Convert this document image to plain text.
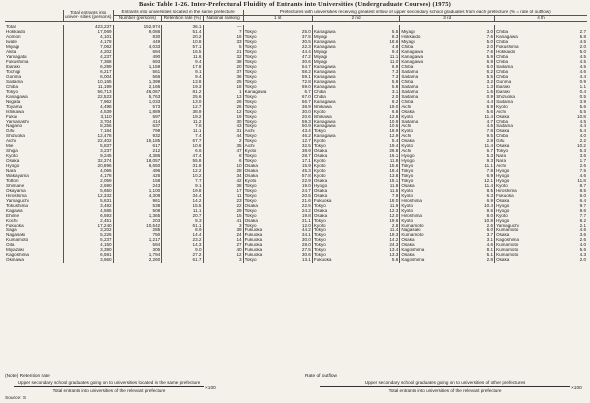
Basic Table 1-26. Inter-Prefectural Fluidity of Entrants into Universities (Undergraduate Courses) (1975)
	Total entrants into univer- sities (persons)	Entrants into universities located in the same prefecture			Prefectures with universities receiving greatest inflow of upper secondary school graduates from each prefecture (% = rate of outflow)							
		Number (persons)	Retention rate (%)	National ranking	1 st		2 nd		3 rd		4 th	

Total	423,237	152,974	36.1	—								
Hokkaido	17,069	9,086	51.4	7	Tokyo	25.0	Kanagawa	5.5	Miyagi	3.0	Chiba	2.7
Aomori	4,101	830	20.2	16	Tokyo	37.5	Miyagi	8.3	Hokkaido	7.6	Kanagawa	5.8
Iwate	4,178	449	10.8	33	Tokyo	30.5	Kanagawa	18.6	Miyagi	5.0	Chiba	4.5
Miyagi	7,062	4,033	57.1	5	Tokyo	22.3	Kanagawa	4.8	Chiba	2.0	Fukushima	2.0
Akita	4,202	694	16.5	21	Tokyo	44.4	Miyagi	9.4	Kanagawa	7.6	Hokkaido	5.0
Yamagata	4,237	490	11.6	32	Tokyo	47.2	Miyagi	11.1	Kanagawa	5.9	Chiba	4.5
Fukushima	7,368	693	9.4	38	Tokyo	30.6	Miyagi	11.0	Kanagawa	6.9	Chiba	4.5
Ibaraki	6,299	1,159	17.8	20	Tokyo	54.7	Kanagawa	6.9	Chiba	6.0	Saitama	4.5
Tochigi	6,217	561	9.1	37	Tokyo	58.2	Kanagawa	7.3	Saitama	6.2	Chiba	4.6
Gunma	6,004	566	9.4	36	Tokyo	59.1	Kanagawa	7.3	Saitama	5.5	Chiba	4.4
Saitama	10,165	1,399	13.8	25	Tokyo	72.8	Kanagawa	5.8	Chiba	3.2	Gunma	0.9
Chiba	11,199	2,166	19.3	18	Tokyo	69.0	Kanagawa	5.8	Saitama	1.3	Ibaraki	1.1
Tokyo	56,713	46,067	81.2	1	Kanagawa	6.7	Chiba	3.1	Saitama	1.6	Ibaraki	0.4
Kanagawa	22,523	5,763	25.6	13	Tokyo	67.0	Chiba	2.0	Saitama	0.9	Shizuoka	0.5
Niigata	7,962	1,033	13.0	26	Tokyo	56.7	Kanagawa	8.2	Chiba	4.4	Saitama	3.9
Toyama	4,498	573	12.7	26	Tokyo	38.9	Ishikawa	19.0	Aichi	6.9	Kyoto	5.6
Ishikawa	4,539	1,889	38.9	12	Tokyo	30.0	Kyoto	6.8	Osaka	5.6	Aichi	5.5
Fukui	3,110	597	19.2	19	Tokyo	20.6	Ishikawa	12.8	Kyoto	11.4	Osaka	10.8
Yamanashi	3,704	414	11.2	30	Tokyo	59.3	Kanagawa	10.9	Saitama	4.7	Chiba	4.5
Nagano	8,256	637	7.8	43	Tokyo	50.9	Kanagawa	10.5	Aichi	4.6	Saitama	4.4
Gifu	7,184	799	11.1	31	Aichi	43.4	Tokyo	18.9	Kyoto	7.8	Osaka	5.4
Shizuoka	12,478	932	7.4	44	Tokyo	46.2	Kanagawa	12.9	Aichi	9.5	Chiba	4.0
Aichi	22,402	15,185	67.7	2	Tokyo	12.7	Kyoto	5.4	Osaka	2.8	Gifu	2.2
Mie	5,837	617	10.6	35	Aichi	32.5	Tokyo	19.4	Kyoto	11.4	Osaka	10.2
Shiga	3,237	212	6.6	47	Kyoto	38.9	Osaka	26.8	Aichi	6.7	Tokyo	5.3
Kyoto	9,245	4,386	47.4	8	Tokyo	28.7	Osaka	16.1	Hyogo	5.3	Nara	3.6
Osaka	32,374	18,057	55.8	6	Tokyo	17.1	Kyoto	11.8	Hyogo	9.3	Nara	1.7
Hyogo	20,896	6,650	31.8	10	Osaka	15.9	Kyoto	15.6	Tokyo	11.1	Aichi	2.6
Nara	4,066	496	12.2	28	Osaka	45.3	Kyoto	18.4	Tokyo	7.8	Hyogo	7.5
Wakayama	4,178	426	10.2	34	Osaka	57.8	Kyoto	13.8	Tokyo	6.9	Hyogo	4.6
Tottori	2,059	158	7.7	42	Kyoto	22.9	Osaka	15.1	Tokyo	12.1	Hyogo	11.8
Shimane	2,690	243	9.1	38	Tokyo	19.0	Hyogo	11.8	Osaka	11.4	Kyoto	8.7
Okayama	5,650	1,100	19.8	17	Tokyo	24.7	Osaka	11.5	Kyoto	8.5	Hiroshima	8.5
Hiroshima	12,332	4,308	34.4	11	Tokyo	20.5	Osaka	7.9	Kyoto	6.3	Fukuoka	6.0
Yamaguchi	5,631	961	14.2	23	Tokyo	21.6	Fukuoka	18.0	Hiroshima	6.9	Osaka	6.4
Tokushima	3,482	538	15.5	22	Osaka	22.5	Tokyo	11.9	Kyoto	10.4	Hyogo	9.7
Kagawa	4,585	508	11.1	29	Tokyo	24.2	Osaka	12.3	Kyoto	8.6	Hyogo	8.6
Ehime	6,593	1,365	20.7	15	Tokyo	19.8	Osaka	12.0	Hiroshima	8.0	Kyoto	7.7
Kochi	2,451	203	8.3	41	Osaka	21.1	Tokyo	19.6	Kyoto	10.8	Hyogo	8.2
Fukuoka	17,240	10,542	61.1	3	Tokyo	12.0	Kyoto	2.8	Kumamoto	2.6	Yamaguchi	2.1
Saga	3,202	285	8.9	39	Fukuoka	44.2	Tokyo	11.4	Nagasaki	6.0	Kumamoto	4.6
Nagasaki	5,226	750	14.4	24	Fukuoka	34.1	Tokyo	19.3	Kumamoto	3.7	Osaka	3.6
Kumamoto	5,237	1,217	23.2	14	Fukuoka	30.0	Tokyo	14.2	Osaka	3.1	Kagoshima	2.6
Oita	4,150	594	14.3	27	Fukuoka	28.0	Tokyo	24.3	Osaka	4.6	Kumamoto	4.0
Miyazaki	3,390	305	9.0	40	Fukuoka	27.5	Tokyo	13.4	Kagoshima	8.1	Kumamoto	5.6
Kagoshima	6,591	1,794	27.2	12	Fukuoka	30.6	Tokyo	13.3	Osaka	5.1	Kumamoto	4.3
Okinawa	3,660	2,260	61.7	3	Tokyo	13.1	Fukuoka	5.6	Kagoshima	2.8	Osaka	2.0
(Note) Retention rate
Upper secondary school graduates going on to universities located in the same prefecture
Total entrants into universities of the relevant prefecture	×100
Rate of outflow
Upper secondary school graduates going on to universities of other prefectures
Total entrants into universities of the relevant prefecture	×100
Source: S
